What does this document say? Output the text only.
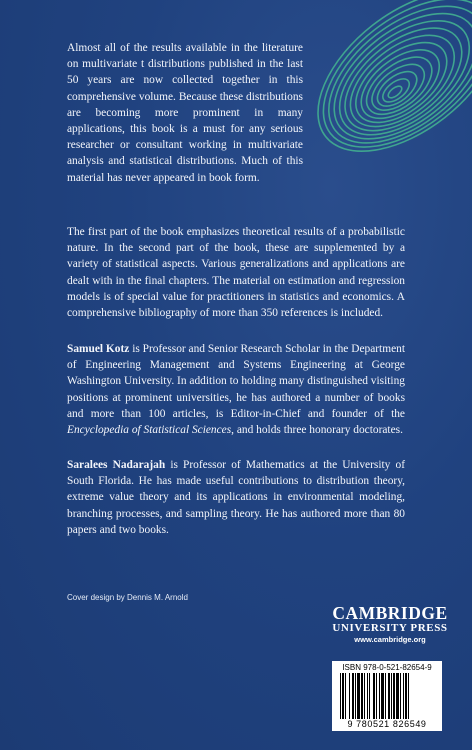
Almost all of the results available in the literature on multivariate t distributions published in the last 50 years are now collected together in this comprehensive volume. Because these distributions are becoming more prominent in many applications, this book is a must for any serious researcher or consultant working in multivariate analysis and statistical distributions. Much of this material has never appeared in book form.

The first part of the book emphasizes theoretical results of a probabilistic nature. In the second part of the book, these are supplemented by a variety of statistical aspects. Various generalizations and applications are dealt with in the final chapters. The material on estimation and regression models is of special value for practitioners in statistics and economics. A comprehensive bibliography of more than 350 references is included.

Samuel Kotz is Professor and Senior Research Scholar in the Department of Engineering Management and Systems Engineering at George Washington University. In addition to holding many distinguished visiting positions at prominent universities, he has authored a number of books and more than 100 articles, is Editor-in-Chief and founder of the Encyclopedia of Statistical Sciences, and holds three honorary doctorates.

Saralees Nadarajah is Professor of Mathematics at the University of South Florida. He has made useful contributions to distribution theory, extreme value theory and its applications in environmental modeling, branching processes, and sampling theory. He has authored more than 80 papers and two books.

Cover design by Dennis M. Arnold
CAMBRIDGE
UNIVERSITY PRESS
www.cambridge.org
ISBN 978-0-521-82654-9
9 780521 826549
